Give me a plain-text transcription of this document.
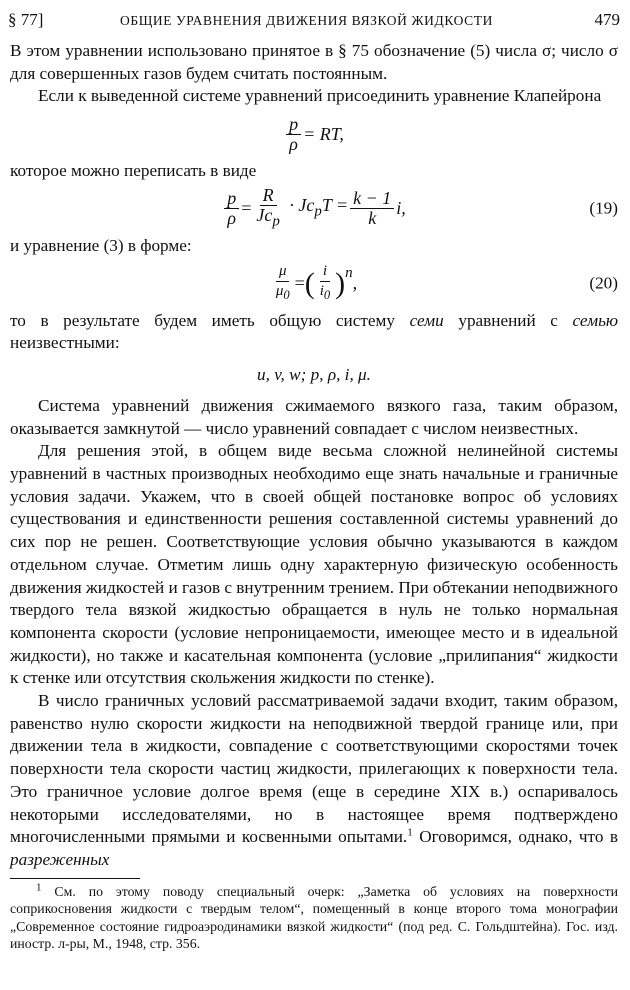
§ 77]	ОБЩИЕ УРАВНЕНИЯ ДВИЖЕНИЯ ВЯЗКОЙ ЖИДКОСТИ	479

В этом уравнении использовано принятое в § 75 обозначение (5) числа σ; число σ для совершенных газов будем считать постоянным.

Если к выведенной системе уравнений присоединить уравнение Клапейрона

$\frac{p}{\rho}$ = RT,

которое можно переписать в виде

$\frac{p}{\rho} = \frac{R}{Jc_p} \cdot Jc_pT = \frac{k - 1}{k} i$,	(19)

и уравнение (3) в форме:

$\frac{\mu}{\mu_0}$ = ( $\frac{i}{i_0} )^n$
,	(20)

то в результате будем иметь общую систему семи уравнений с семью неизвестными:

u, v, w; p, ρ, i, μ.

Система уравнений движения сжимаемого вязкого газа, таким образом, оказывается замкнутой — число уравнений совпадает с числом неизвестных.

Для решения этой, в общем виде весьма сложной нелинейной системы уравнений в частных производных необходимо еще знать начальные и граничные условия задачи. Укажем, что в своей общей постановке вопрос об условиях существования и единственности решения составленной системы уравнений до сих пор не решен. Соответствующие условия обычно указываются в каждом отдельном случае. Отметим лишь одну характерную физическую особенность движения жидкостей и газов с внутренним трением. При обтекании неподвижного твердого тела вязкой жидкостью обращается в нуль не только нормальная компонента скорости (условие непроницаемости, имеющее место и в идеальной жидкости), но также и касательная компонента (условие „прилипания“ жидкости к стенке или отсутствия скольжения жидкости по стенке).

В число граничных условий рассматриваемой задачи входит, таким образом, равенство нулю скорости жидкости на неподвижной твердой границе или, при движении тела в жидкости, совпадение с соответствующими скоростями точек поверхности тела скорости частиц жидкости, прилегающих к поверхности тела. Это граничное условие долгое время (еще в середине XIX в.) оспаривалось некоторыми исследователями, но в настоящее время подтверждено многочисленными прямыми и косвенными опытами.$^1$ Оговоримся, однако, что в разреженных

$^1$ См. по этому поводу специальный очерк: „Заметка об условиях на поверхности соприкосновения жидкости с твердым телом“, помещенный в конце второго тома монографии „Современное состояние гидроаэродинамики вязкой жидкости“ (под ред. С. Гольдштейна). Гос. изд. иностр. л-ры, М., 1948, стр. 356.
